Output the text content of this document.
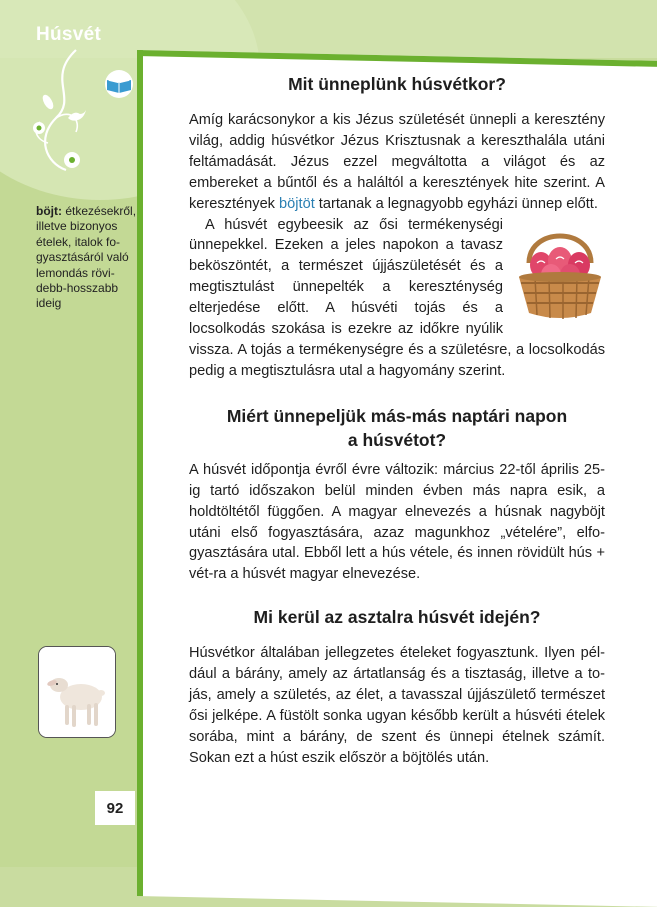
Húsvét
böjt: étkezésekről, illetve bizonyos ételek, italok fogyasztásáról való lemondás rövidebb-hosszabb ideig
92
Mit ünneplünk húsvétkor?

Amíg karácsonykor a kis Jézus születését ünnepli a keresztény világ, addig húsvétkor Jézus Krisztusnak a kereszthalála utáni feltámadását. Jézus ezzel megváltotta a világot és az embereket a bűntől és a haláltól a keresztények hite szerint. A keresztények böjtöt tartanak a legnagyobb egyházi ünnep előtt.

A húsvét egybeesik az ősi termékenységi ünnepekkel. Ezeken a jeles napokon a tavasz beköszöntét, a természet újjászületését és a megtisztulást ünnepelték a kereszténység elterjedése előtt. A húsvéti tojás és a locsolkodás szokása is ezekre az időkre nyúlik vissza. A tojás a termékenységre és a születésre, a locsolkodás pedig a megtisztulásra utal a hagyomány szerint.

Miért ünnepeljük más-más naptári napon
a húsvétot?

A húsvét időpontja évről évre változik: március 22-től április 25-ig tartó időszakon belül minden évben más napra esik, a holdtöltétől függően. A magyar elnevezés a húsnak nagyböjt utáni első fogyasztására, azaz magunkhoz „vételére”, elfogyasztására utal. Ebből lett a hús vétele, és innen rövidült hús + vét-ra a húsvét magyar elnevezése.

Mi kerül az asztalra húsvét idején?

Húsvétkor általában jellegzetes ételeket fogyasztunk. Ilyen például a bárány, amely az ártatlanság és a tisztaság, illetve a tojás, amely a születés, az élet, a tavasszal újjászülető természet ősi jelképe. A füstölt sonka ugyan később került a húsvéti ételek sorába, mint a bárány, de szent és ünnepi ételnek számít. Sokan ezt a húst eszik először a böjtölés után.
